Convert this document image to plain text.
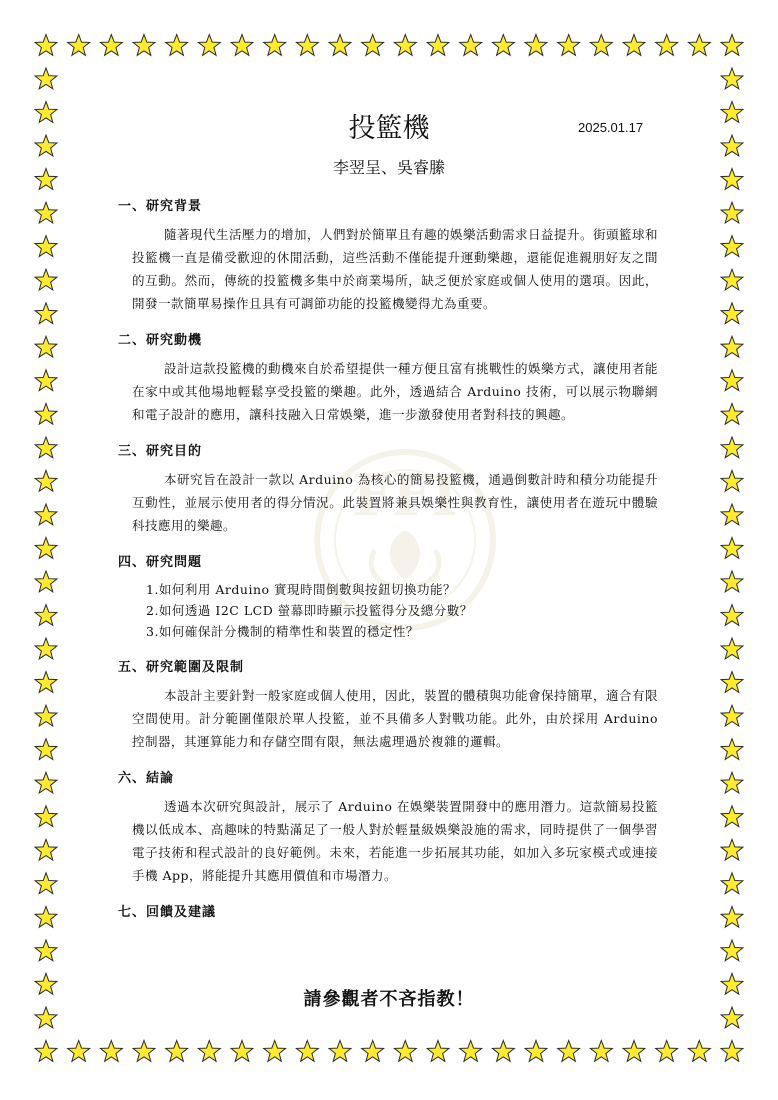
FFI
投籃機	2025.01.17
李翌呈、吳睿縢
一、研究背景

隨著現代生活壓力的增加，人們對於簡單且有趣的娛樂活動需求日益提升。街頭籃球和投籃機一直是備受歡迎的休閒活動，這些活動不僅能提升運動樂趣，還能促進親朋好友之間的互動。然而，傳統的投籃機多集中於商業場所，缺乏便於家庭或個人使用的選項。因此，開發一款簡單易操作且具有可調節功能的投籃機變得尤為重要。

二、研究動機

設計這款投籃機的動機來自於希望提供一種方便且富有挑戰性的娛樂方式，讓使用者能在家中或其他場地輕鬆享受投籃的樂趣。此外，透過結合 Arduino 技術，可以展示物聯網和電子設計的應用，讓科技融入日常娛樂，進一步激發使用者對科技的興趣。

三、研究目的

本研究旨在設計一款以 Arduino 為核心的簡易投籃機，通過倒數計時和積分功能提升互動性，並展示使用者的得分情況。此裝置將兼具娛樂性與教育性，讓使用者在遊玩中體驗科技應用的樂趣。

四、研究問題
1.如何利用 Arduino 實現時間倒數與按鈕切換功能？
2.如何透過 I2C LCD 螢幕即時顯示投籃得分及總分數？
3.如何確保計分機制的精準性和裝置的穩定性？
五、研究範圍及限制

本設計主要針對一般家庭或個人使用，因此，裝置的體積與功能會保持簡單，適合有限空間使用。計分範圍僅限於單人投籃，並不具備多人對戰功能。此外，由於採用 Arduino 控制器，其運算能力和存儲空間有限，無法處理過於複雜的邏輯。

六、結論

透過本次研究與設計，展示了 Arduino 在娛樂裝置開發中的應用潛力。這款簡易投籃機以低成本、高趣味的特點滿足了一般人對於輕量級娛樂設施的需求，同時提供了一個學習電子技術和程式設計的良好範例。未來，若能進一步拓展其功能，如加入多玩家模式或連接手機 App，將能提升其應用價值和市場潛力。

七、回饋及建議
請參觀者不吝指教！
